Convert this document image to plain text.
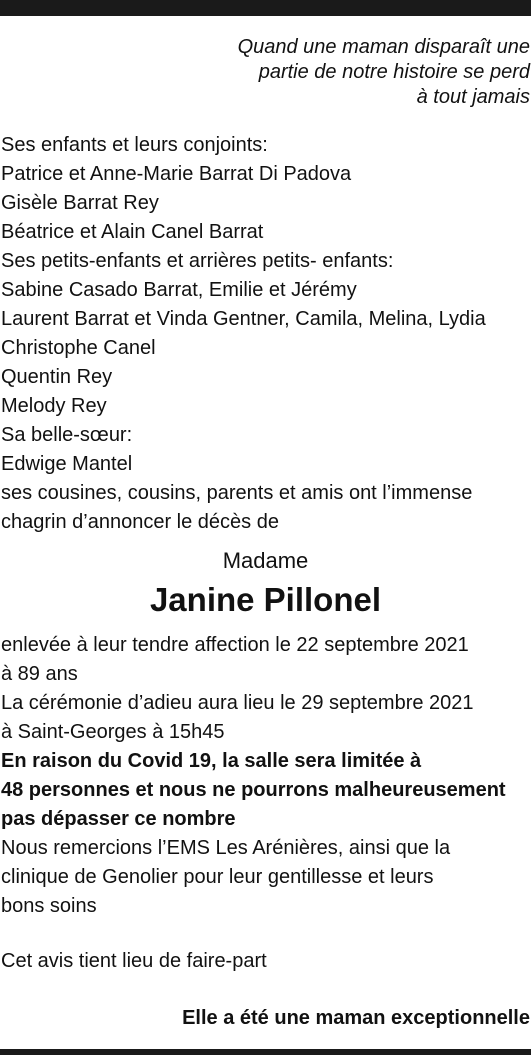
Quand une maman disparaît une
partie de notre histoire se perd
à tout jamais
Ses enfants et leurs conjoints:
Patrice et Anne-Marie Barrat Di Padova
Gisèle Barrat Rey
Béatrice et Alain Canel Barrat
Ses petits-enfants et arrières petits- enfants:
Sabine Casado Barrat, Emilie et Jérémy
Laurent Barrat et Vinda Gentner, Camila, Melina, Lydia
Christophe Canel
Quentin Rey
Melody Rey
Sa belle-sœur:
Edwige Mantel
ses cousines, cousins, parents et amis ont l’immense
chagrin d’annoncer le décès de
Madame
Janine Pillonel
enlevée à leur tendre affection le 22 septembre 2021
à 89 ans
La cérémonie d’adieu aura lieu le 29 septembre 2021
à Saint-Georges à 15h45
En raison du Covid 19, la salle sera limitée à
48 personnes et nous ne pourrons malheureusement
pas dépasser ce nombre
Nous remercions l’EMS Les Arénières, ainsi que la
clinique de Genolier pour leur gentillesse et leurs
bons soins
Cet avis tient lieu de faire-part
Elle a été une maman exceptionnelle
